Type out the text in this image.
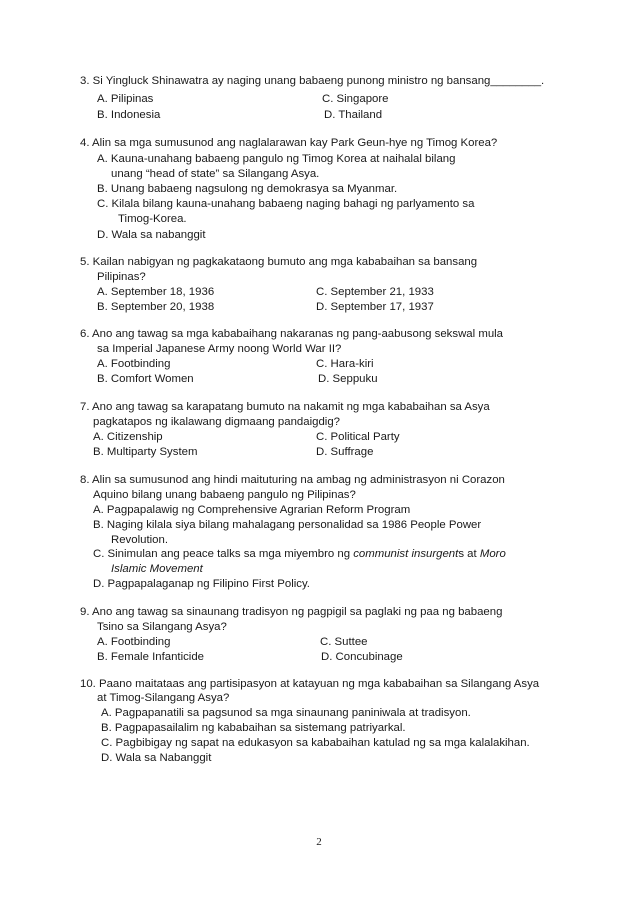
3. Si Yingluck Shinawatra ay naging unang babaeng punong ministro ng bansang________.
A. Pilipinas
B. Indonesia
C. Singapore
D. Thailand
4. Alin sa mga sumusunod ang naglalarawan kay Park Geun-hye ng Timog Korea?
A. Kauna-unahang babaeng pangulo ng Timog Korea at naihalal bilang
unang “head of state” sa Silangang Asya.
B. Unang babaeng nagsulong ng demokrasya sa Myanmar.
C. Kilala bilang kauna-unahang babaeng naging bahagi ng parlyamento sa
Timog-Korea.
D. Wala sa nabanggit
5. Kailan nabigyan ng pagkakataong bumuto ang mga kababaihan sa bansang
Pilipinas?
A. September 18, 1936
B. September 20, 1938
C. September 21, 1933
D. September 17, 1937
6. Ano ang tawag sa mga kababaihang nakaranas ng pang-aabusong sekswal mula
sa Imperial Japanese Army noong World War II?
A. Footbinding
B. Comfort Women
C. Hara-kiri
D. Seppuku
7. Ano ang tawag sa karapatang bumuto na nakamit ng mga kababaihan sa Asya
pagkatapos ng ikalawang digmaang pandaigdig?
A. Citizenship
B. Multiparty System
C. Political Party
D. Suffrage
8. Alin sa sumusunod ang hindi maituturing na ambag ng administrasyon ni Corazon
Aquino bilang unang babaeng pangulo ng Pilipinas?
A. Pagpapalawig ng Comprehensive Agrarian Reform Program
B. Naging kilala siya bilang mahalagang personalidad sa 1986 People Power
Revolution.
C. Sinimulan ang peace talks sa mga miyembro ng communist insurgents at Moro
Islamic Movement
D. Pagpapalaganap ng Filipino First Policy.
9. Ano ang tawag sa sinaunang tradisyon ng pagpigil sa paglaki ng paa ng babaeng
Tsino sa Silangang Asya?
A. Footbinding
B. Female Infanticide
C. Suttee
D. Concubinage
10. Paano maitataas ang partisipasyon at katayuan ng mga kababaihan sa Silangang Asya
at Timog-Silangang Asya?
A. Pagpapanatili sa pagsunod sa mga sinaunang paniniwala at tradisyon.
B. Pagpapasailalim ng kababaihan sa sistemang patriyarkal.
C. Pagbibigay ng sapat na edukasyon sa kababaihan katulad ng sa mga kalalakihan.
D. Wala sa Nabanggit
2
